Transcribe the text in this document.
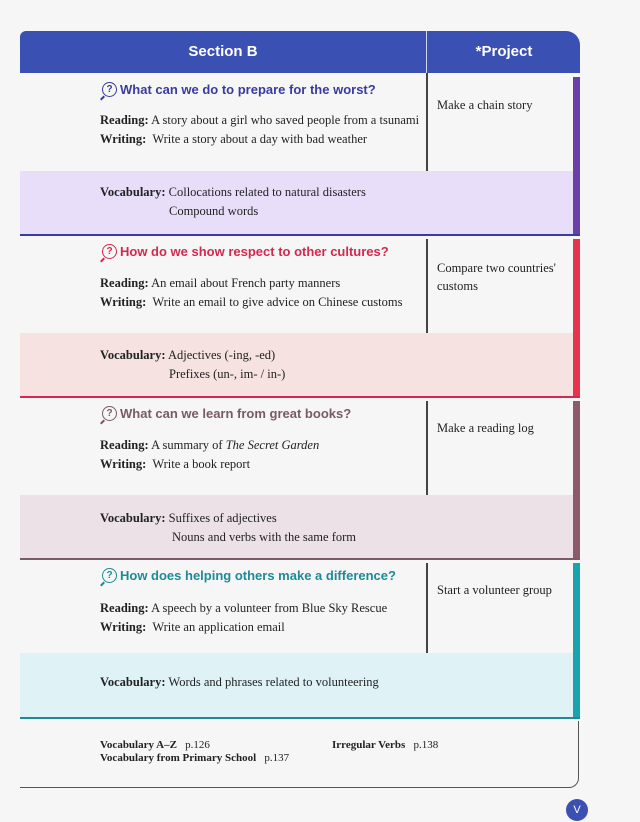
Section B	*Project
? What can we do to prepare for the worst?
Reading: A story about a girl who saved people from a tsunami
Writing: Write a story about a day with bad weather
Make a chain story
Vocabulary: Collocations related to natural disasters
Compound words
? How do we show respect to other cultures?
Reading: An email about French party manners
Writing: Write an email to give advice on Chinese customs
Compare two countries' customs
Vocabulary: Adjectives (-ing, -ed)
Prefixes (un-, im- / in-)
? What can we learn from great books?
Reading: A summary of The Secret Garden
Writing: Write a book report
Make a reading log
Vocabulary: Suffixes of adjectives
Nouns and verbs with the same form
? How does helping others make a difference?
Reading: A speech by a volunteer from Blue Sky Rescue
Writing: Write an application email
Start a volunteer group
Vocabulary: Words and phrases related to volunteering
Vocabulary A–Z p.126
Vocabulary from Primary School p.137
Irregular Verbs p.138
V
